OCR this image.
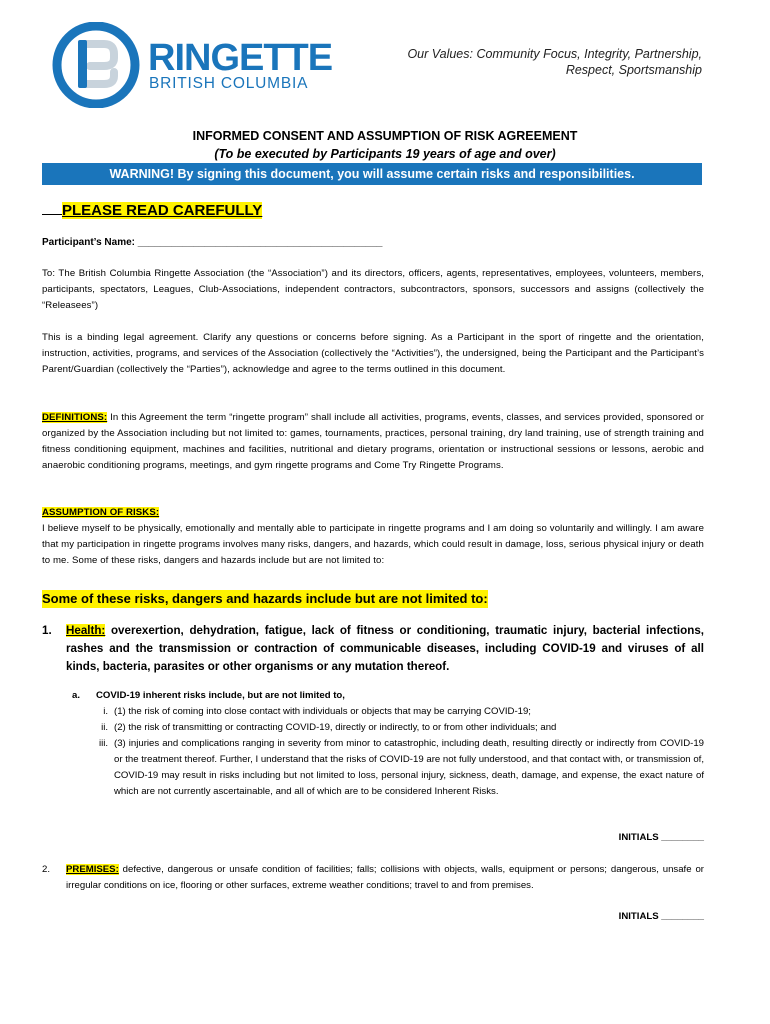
RINGETTE
BRITISH COLUMBIA
Our Values: Community Focus, Integrity, Partnership,
Respect, Sportsmanship
INFORMED CONSENT AND ASSUMPTION OF RISK AGREEMENT
(To be executed by Participants 19 years of age and over)
WARNING! By signing this document, you will assume certain risks and responsibilities.
PLEASE READ CAREFULLY
Participant’s Name: ____________________________________________
To: The British Columbia Ringette Association (the “Association”) and its directors, officers, agents, representatives, employees, volunteers, members, participants, spectators, Leagues, Club-Associations, independent contractors, subcontractors, sponsors, successors and assigns (collectively the “Releasees”)
This is a binding legal agreement. Clarify any questions or concerns before signing. As a Participant in the sport of ringette and the orientation, instruction, activities, programs, and services of the Association (collectively the “Activities”), the undersigned, being the Participant and the Participant’s Parent/Guardian (collectively the “Parties”), acknowledge and agree to the terms outlined in this document.
DEFINITIONS: In this Agreement the term “ringette program” shall include all activities, programs, events, classes, and services provided, sponsored or organized by the Association including but not limited to: games, tournaments, practices, personal training, dry land training, use of strength training and fitness conditioning equipment, machines and facilities, nutritional and dietary programs, orientation or instructional sessions or lessons, aerobic and anaerobic conditioning programs, meetings, and gym ringette programs and Come Try Ringette Programs.
ASSUMPTION OF RISKS:
I believe myself to be physically, emotionally and mentally able to participate in ringette programs and I am doing so voluntarily and willingly. I am aware that my participation in ringette programs involves many risks, dangers, and hazards, which could result in damage, loss, serious physical injury or death to me. Some of these risks, dangers and hazards include but are not limited to:
Some of these risks, dangers and hazards include but are not limited to:
1. Health: overexertion, dehydration, fatigue, lack of fitness or conditioning, traumatic injury, bacterial infections, rashes and the transmission or contraction of communicable diseases, including COVID-19 and viruses of all kinds, bacteria, parasites or other organisms or any mutation thereof.
a. COVID-19 inherent risks include, but are not limited to,
i. (1) the risk of coming into close contact with individuals or objects that may be carrying COVID-19;
ii. (2) the risk of transmitting or contracting COVID-19, directly or indirectly, to or from other individuals; and
iii. (3) injuries and complications ranging in severity from minor to catastrophic, including death, resulting directly or indirectly from COVID-19 or the treatment thereof. Further, I understand that the risks of COVID-19 are not fully understood, and that contact with, or transmission of, COVID-19 may result in risks including but not limited to loss, personal injury, sickness, death, damage, and expense, the exact nature of which are not currently ascertainable, and all of which are to be considered Inherent Risks.
INITIALS ________
2. PREMISES: defective, dangerous or unsafe condition of facilities; falls; collisions with objects, walls, equipment or persons; dangerous, unsafe or irregular conditions on ice, flooring or other surfaces, extreme weather conditions; travel to and from premises.
INITIALS ________
